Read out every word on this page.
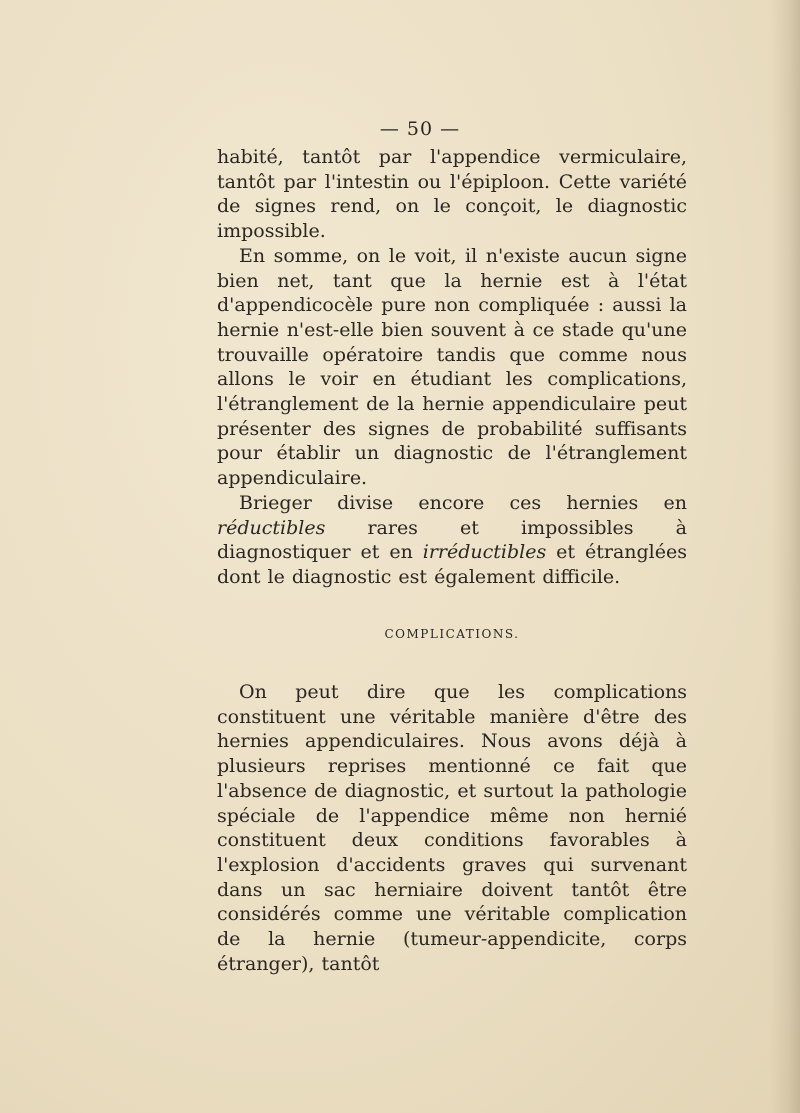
— 50 —

habité, tantôt par l'appendice vermiculaire, tantôt par l'intestin ou l'épiploon. Cette variété de signes rend, on le conçoit, le diagnostic impossible.

En somme, on le voit, il n'existe aucun signe bien net, tant que la hernie est à l'état d'appendicocèle pure non compliquée : aussi la hernie n'est-elle bien souvent à ce stade qu'une trouvaille opératoire tandis que comme nous allons le voir en étudiant les complications, l'étranglement de la hernie appendiculaire peut présenter des signes de probabilité suffisants pour établir un diagnostic de l'étranglement appendiculaire.

Brieger divise encore ces hernies en réductibles rares et impossibles à diagnostiquer et en irréductibles et étranglées dont le diagnostic est également difficile.

COMPLICATIONS.

On peut dire que les complications constituent une véritable manière d'être des hernies appendiculaires. Nous avons déjà à plusieurs reprises mentionné ce fait que l'absence de diagnostic, et surtout la pathologie spéciale de l'appendice même non hernié constituent deux conditions favorables à l'explosion d'accidents graves qui survenant dans un sac herniaire doivent tantôt être considérés comme une véritable complication de la hernie (tumeur-appendicite, corps étranger), tantôt
